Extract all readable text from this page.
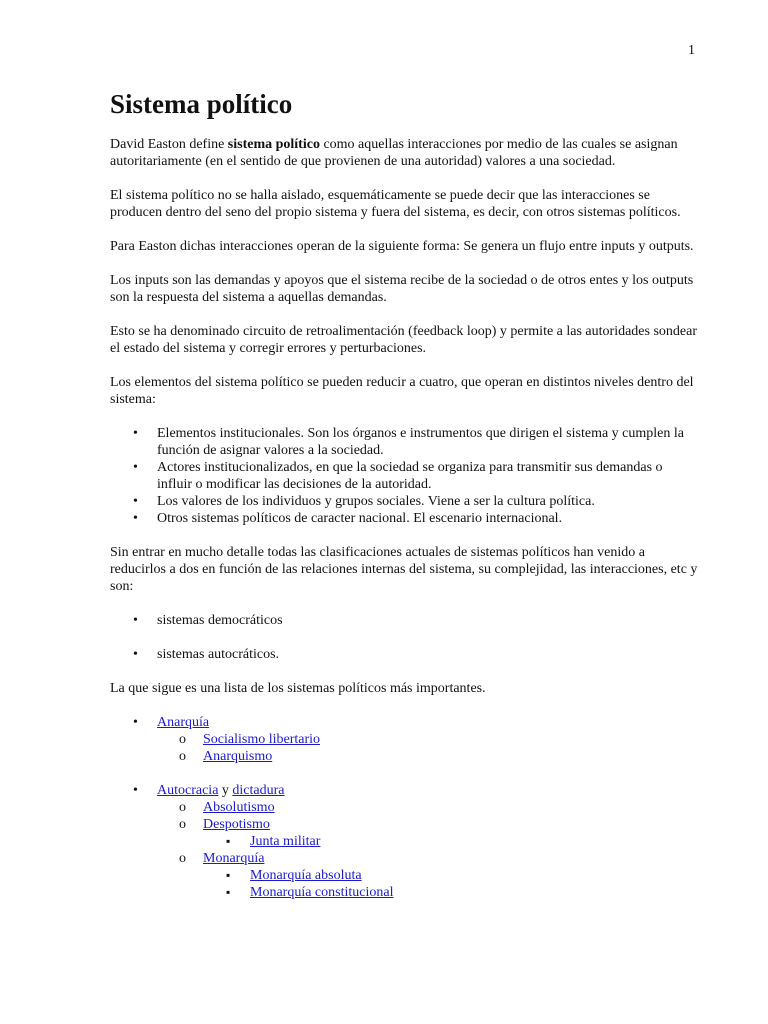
1
Sistema político

David Easton define sistema político como aquellas interacciones por medio de las cuales se asignan autoritariamente (en el sentido de que provienen de una autoridad) valores a una sociedad.

El sistema político no se halla aislado, esquemáticamente se puede decir que las interacciones se producen dentro del seno del propio sistema y fuera del sistema, es decir, con otros sistemas políticos.

Para Easton dichas interacciones operan de la siguiente forma: Se genera un flujo entre inputs y outputs.

Los inputs son las demandas y apoyos que el sistema recibe de la sociedad o de otros entes y los outputs son la respuesta del sistema a aquellas demandas.

Esto se ha denominado circuito de retroalimentación (feedback loop) y permite a las autoridades sondear el estado del sistema y corregir errores y perturbaciones.

Los elementos del sistema político se pueden reducir a cuatro, que operan en distintos niveles dentro del sistema:

• Elementos institucionales. Son los órganos e instrumentos que dirigen el sistema y cumplen la función de asignar valores a la sociedad.
• Actores institucionalizados, en que la sociedad se organiza para transmitir sus demandas o influir o modificar las decisiones de la autoridad.
• Los valores de los individuos y grupos sociales. Viene a ser la cultura política.
• Otros sistemas políticos de caracter nacional. El escenario internacional.

Sin entrar en mucho detalle todas las clasificaciones actuales de sistemas políticos han venido a reducirlos a dos en función de las relaciones internas del sistema, su complejidad, las interacciones, etc y son:

• sistemas democráticos
• sistemas autocráticos.

La que sigue es una lista de los sistemas políticos más importantes.

• Anarquía
o Socialismo libertario
o Anarquismo
• Autocracia y dictadura
o Absolutismo
o Despotismo
▪ Junta militar
o Monarquía
▪ Monarquía absoluta
▪ Monarquía constitucional
